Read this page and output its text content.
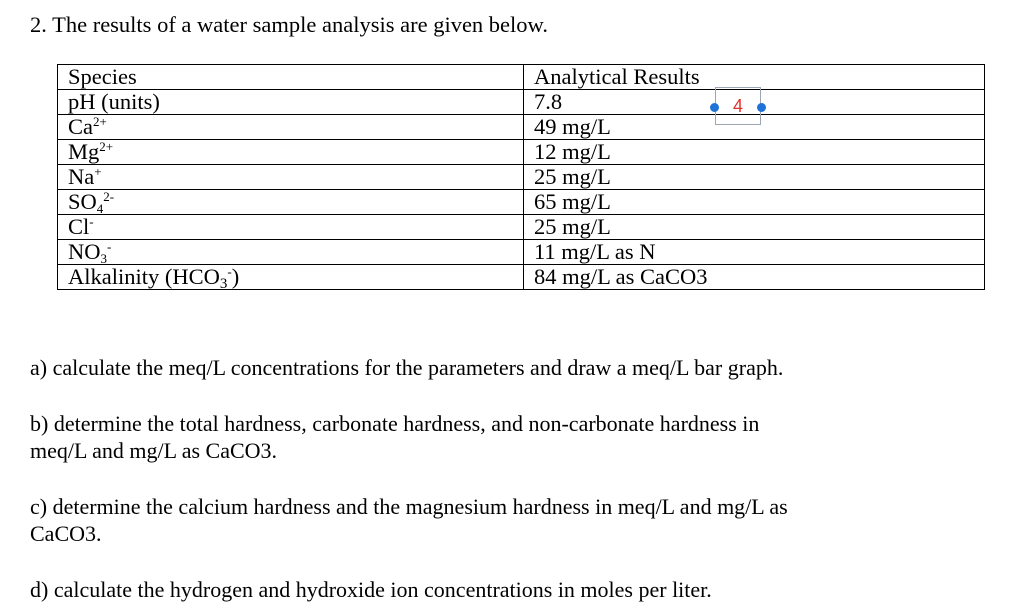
2. The results of a water sample analysis are given below.
Species	Analytical Results
pH (units)	7.8
$Ca^{2+}$	49 mg/L
$Mg^{2+}$	12 mg/L
Na+	25 mg/L
$SO_4^{2-}$	65 mg/L
Cl-	25 mg/L
$NO_3^-$	11 mg/L as N
Alkalinity $(HCO_3^-)$	84 mg/L as CaCO3
4
a) calculate the meq/L concentrations for the parameters and draw a meq/L bar graph.
b) determine the total hardness, carbonate hardness, and non-carbonate hardness in
meq/L and mg/L as CaCO3.
c) determine the calcium hardness and the magnesium hardness in meq/L and mg/L as
CaCO3.
d) calculate the hydrogen and hydroxide ion concentrations in moles per liter.
